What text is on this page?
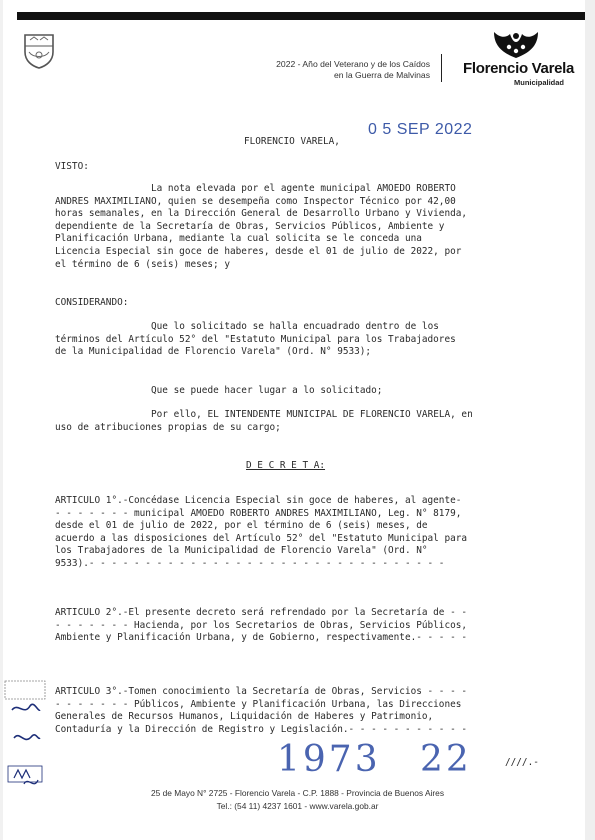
2022 - Año del Veterano y de los Caídos
en la Guerra de Malvinas Florencio Varela
Municipalidad
FLORENCIO VARELA,
0 5 SEP 2022
VISTO:
La nota elevada por el agente municipal AMOEDO ROBERTO
ANDRES MAXIMILIANO, quien se desempeña como Inspector Técnico por 42,00
horas semanales, en la Dirección General de Desarrollo Urbano y Vivienda,
dependiente de la Secretaría de Obras, Servicios Públicos, Ambiente y
Planificación Urbana, mediante la cual solicita se le conceda una
Licencia Especial sin goce de haberes, desde el 01 de julio de 2022, por
el término de 6 (seis) meses; y
CONSIDERANDO:
Que lo solicitado se halla encuadrado dentro de los
términos del Artículo 52° del "Estatuto Municipal para los Trabajadores
de la Municipalidad de Florencio Varela" (Ord. N° 9533);
Que se puede hacer lugar a lo solicitado;
Por ello, EL INTENDENTE MUNICIPAL DE FLORENCIO VARELA, en
uso de atribuciones propias de su cargo;
D E C R E T A:
ARTICULO 1°.-Concédase Licencia Especial sin goce de haberes, al agente-
- - - - - - - municipal AMOEDO ROBERTO ANDRES MAXIMILIANO, Leg. N° 8179,
desde el 01 de julio de 2022, por el término de 6 (seis) meses, de
acuerdo a las disposiciones del Artículo 52° del "Estatuto Municipal para
los Trabajadores de la Municipalidad de Florencio Varela" (Ord. N°
9533).- - - - - - - - - - - - - - - - - - - - - - - - - - - - - - - -
ARTICULO 2°.-El presente decreto será refrendado por la Secretaría de - -
- - - - - - - Hacienda, por los Secretarios de Obras, Servicios Públicos,
Ambiente y Planificación Urbana, y de Gobierno, respectivamente.- - - - -
ARTICULO 3°.-Tomen conocimiento la Secretaría de Obras, Servicios - - - -
- - - - - - - Públicos, Ambiente y Planificación Urbana, las Direcciones
Generales de Recursos Humanos, Liquidación de Haberes y Patrimonio,
Contaduría y la Dirección de Registro y Legislación.- - - - - - - - - - -
1973 22	////.-
25 de Mayo N° 2725 - Florencio Varela - C.P. 1888 - Provincia de Buenos Aires
Tel.: (54 11) 4237 1601 - www.varela.gob.ar
